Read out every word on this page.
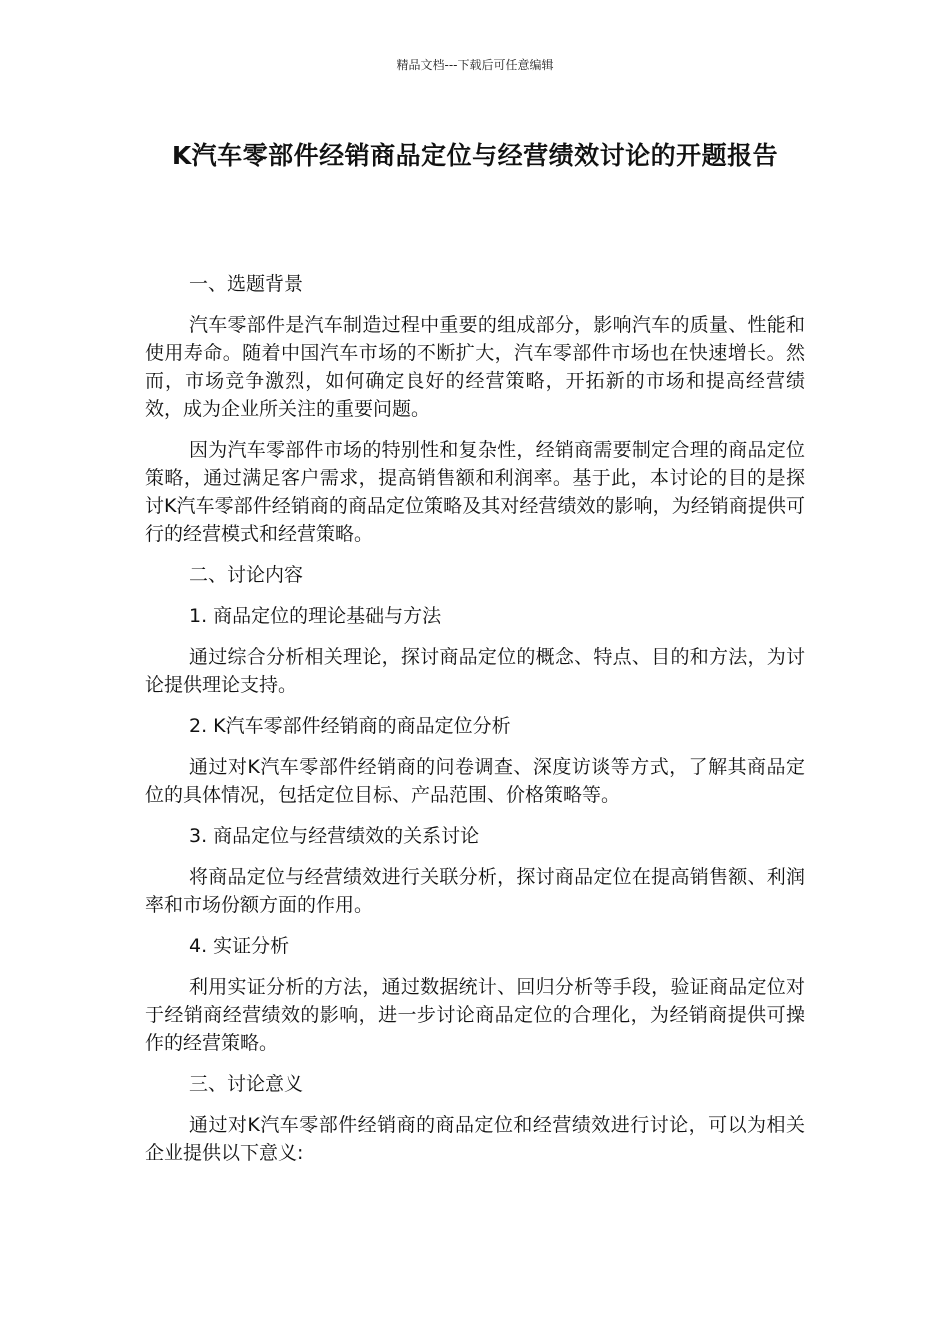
精品文档---下载后可任意编辑
K汽车零部件经销商品定位与经营绩效讨论的开题报告
一、选题背景
汽车零部件是汽车制造过程中重要的组成部分，影响汽车的质量、性能和使用寿命。随着中国汽车市场的不断扩大，汽车零部件市场也在快速增长。然而，市场竞争激烈，如何确定良好的经营策略，开拓新的市场和提高经营绩效，成为企业所关注的重要问题。
因为汽车零部件市场的特别性和复杂性，经销商需要制定合理的商品定位策略，通过满足客户需求，提高销售额和利润率。基于此，本讨论的目的是探讨K汽车零部件经销商的商品定位策略及其对经营绩效的影响，为经销商提供可行的经营模式和经营策略。
二、讨论内容
1. 商品定位的理论基础与方法
通过综合分析相关理论，探讨商品定位的概念、特点、目的和方法，为讨论提供理论支持。
2. K汽车零部件经销商的商品定位分析
通过对K汽车零部件经销商的问卷调查、深度访谈等方式，了解其商品定位的具体情况，包括定位目标、产品范围、价格策略等。
3. 商品定位与经营绩效的关系讨论
将商品定位与经营绩效进行关联分析，探讨商品定位在提高销售额、利润率和市场份额方面的作用。
4. 实证分析
利用实证分析的方法，通过数据统计、回归分析等手段，验证商品定位对于经销商经营绩效的影响，进一步讨论商品定位的合理化，为经销商提供可操作的经营策略。
三、讨论意义
通过对K汽车零部件经销商的商品定位和经营绩效进行讨论，可以为相关企业提供以下意义:
